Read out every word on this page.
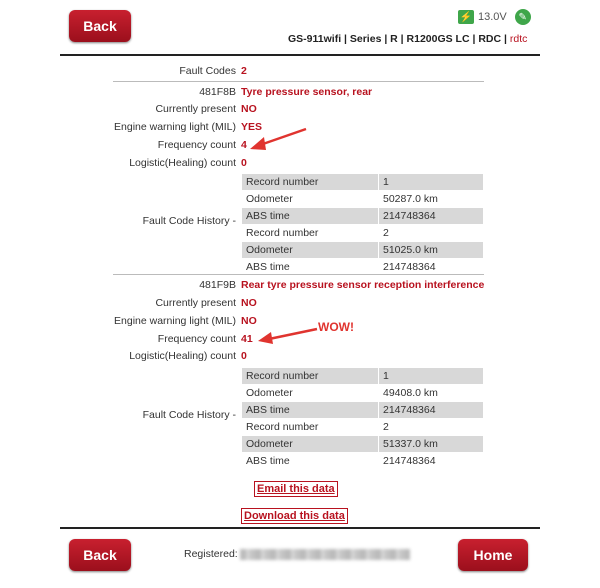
Back
⚡ 13.0V	✎
GS-911wifi | Series | R | R1200GS LC | RDC | rdtc
Fault Codes 2
481F8B Tyre pressure sensor, rear
Currently present NO
Engine warning light (MIL) YES
Frequency count 4
Logistic(Healing) count 0
Fault Code History -
Record number	1
Odometer	50287.0 km
ABS time	214748364
Record number	2
Odometer	51025.0 km
ABS time	214748364
481F9B Rear tyre pressure sensor reception interference
Currently present NO
Engine warning light (MIL) NO
Frequency count 41
Logistic(Healing) count 0
Fault Code History -
Record number	1
Odometer	49408.0 km
ABS time	214748364
Record number	2
Odometer	51337.0 km
ABS time	214748364
WOW!
Email this data
Download this data
Back	Registered:	Home
